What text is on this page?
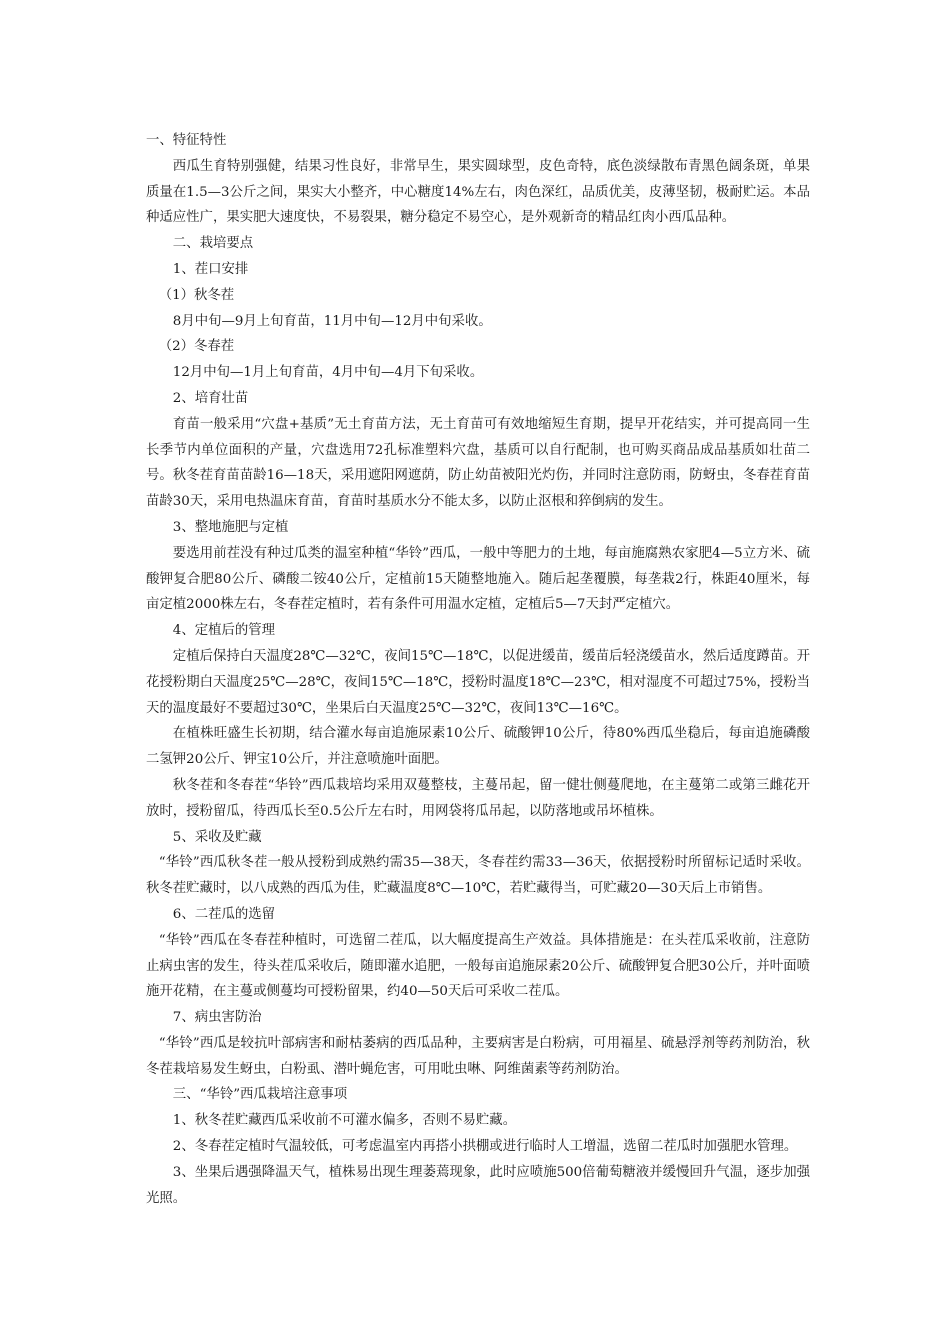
一、特征特性

西瓜生育特别强健，结果习性良好，非常早生，果实圆球型，皮色奇特，底色淡绿散布青黑色阔条斑，单果质量在1.5—3公斤之间，果实大小整齐，中心糖度14%左右，肉色深红，品质优美，皮薄坚韧，极耐贮运。本品种适应性广，果实肥大速度快，不易裂果，糖分稳定不易空心，是外观新奇的精品红肉小西瓜品种。

二、栽培要点

1、茬口安排

（1）秋冬茬

8月中旬—9月上旬育苗，11月中旬—12月中旬采收。

（2）冬春茬

12月中旬—1月上旬育苗，4月中旬—4月下旬采收。

2、培育壮苗

育苗一般采用“穴盘+基质”无土育苗方法，无土育苗可有效地缩短生育期，提早开花结实，并可提高同一生长季节内单位面积的产量，穴盘选用72孔标准塑料穴盘，基质可以自行配制，也可购买商品成品基质如壮苗二号。秋冬茬育苗苗龄16—18天，采用遮阳网遮荫，防止幼苗被阳光灼伤，并同时注意防雨，防蚜虫，冬春茬育苗苗龄30天，采用电热温床育苗，育苗时基质水分不能太多，以防止沤根和猝倒病的发生。

3、整地施肥与定植

要选用前茬没有种过瓜类的温室种植“华铃”西瓜，一般中等肥力的土地，每亩施腐熟农家肥4—5立方米、硫酸钾复合肥80公斤、磷酸二铵40公斤，定植前15天随整地施入。随后起垄覆膜，每垄栽2行，株距40厘米，每亩定植2000株左右，冬春茬定植时，若有条件可用温水定植，定植后5—7天封严定植穴。

4、定植后的管理

定植后保持白天温度28℃—32℃，夜间15℃—18℃，以促进缓苗，缓苗后轻浇缓苗水，然后适度蹲苗。开花授粉期白天温度25℃—28℃，夜间15℃—18℃，授粉时温度18℃—23℃，相对湿度不可超过75%，授粉当天的温度最好不要超过30℃，坐果后白天温度25℃—32℃，夜间13℃—16℃。

在植株旺盛生长初期，结合灌水每亩追施尿素10公斤、硫酸钾10公斤，待80%西瓜坐稳后，每亩追施磷酸二氢钾20公斤、钾宝10公斤，并注意喷施叶面肥。

秋冬茬和冬春茬“华铃”西瓜栽培均采用双蔓整枝，主蔓吊起，留一健壮侧蔓爬地，在主蔓第二或第三雌花开放时，授粉留瓜，待西瓜长至0.5公斤左右时，用网袋将瓜吊起，以防落地或吊坏植株。

5、采收及贮藏

“华铃”西瓜秋冬茬一般从授粉到成熟约需35—38天，冬春茬约需33—36天，依据授粉时所留标记适时采收。秋冬茬贮藏时，以八成熟的西瓜为佳，贮藏温度8℃—10℃，若贮藏得当，可贮藏20—30天后上市销售。

6、二茬瓜的选留

“华铃”西瓜在冬春茬种植时，可选留二茬瓜，以大幅度提高生产效益。具体措施是：在头茬瓜采收前，注意防止病虫害的发生，待头茬瓜采收后，随即灌水追肥，一般每亩追施尿素20公斤、硫酸钾复合肥30公斤，并叶面喷施开花精，在主蔓或侧蔓均可授粉留果，约40—50天后可采收二茬瓜。

7、病虫害防治

“华铃”西瓜是较抗叶部病害和耐枯萎病的西瓜品种，主要病害是白粉病，可用福星、硫悬浮剂等药剂防治，秋冬茬栽培易发生蚜虫，白粉虱、潜叶蝇危害，可用吡虫啉、阿维菌素等药剂防治。

三、“华铃”西瓜栽培注意事项

1、秋冬茬贮藏西瓜采收前不可灌水偏多，否则不易贮藏。

2、冬春茬定植时气温较低，可考虑温室内再搭小拱棚或进行临时人工增温，选留二茬瓜时加强肥水管理。

3、坐果后遇强降温天气，植株易出现生理萎蔫现象，此时应喷施500倍葡萄糖液并缓慢回升气温，逐步加强光照。
